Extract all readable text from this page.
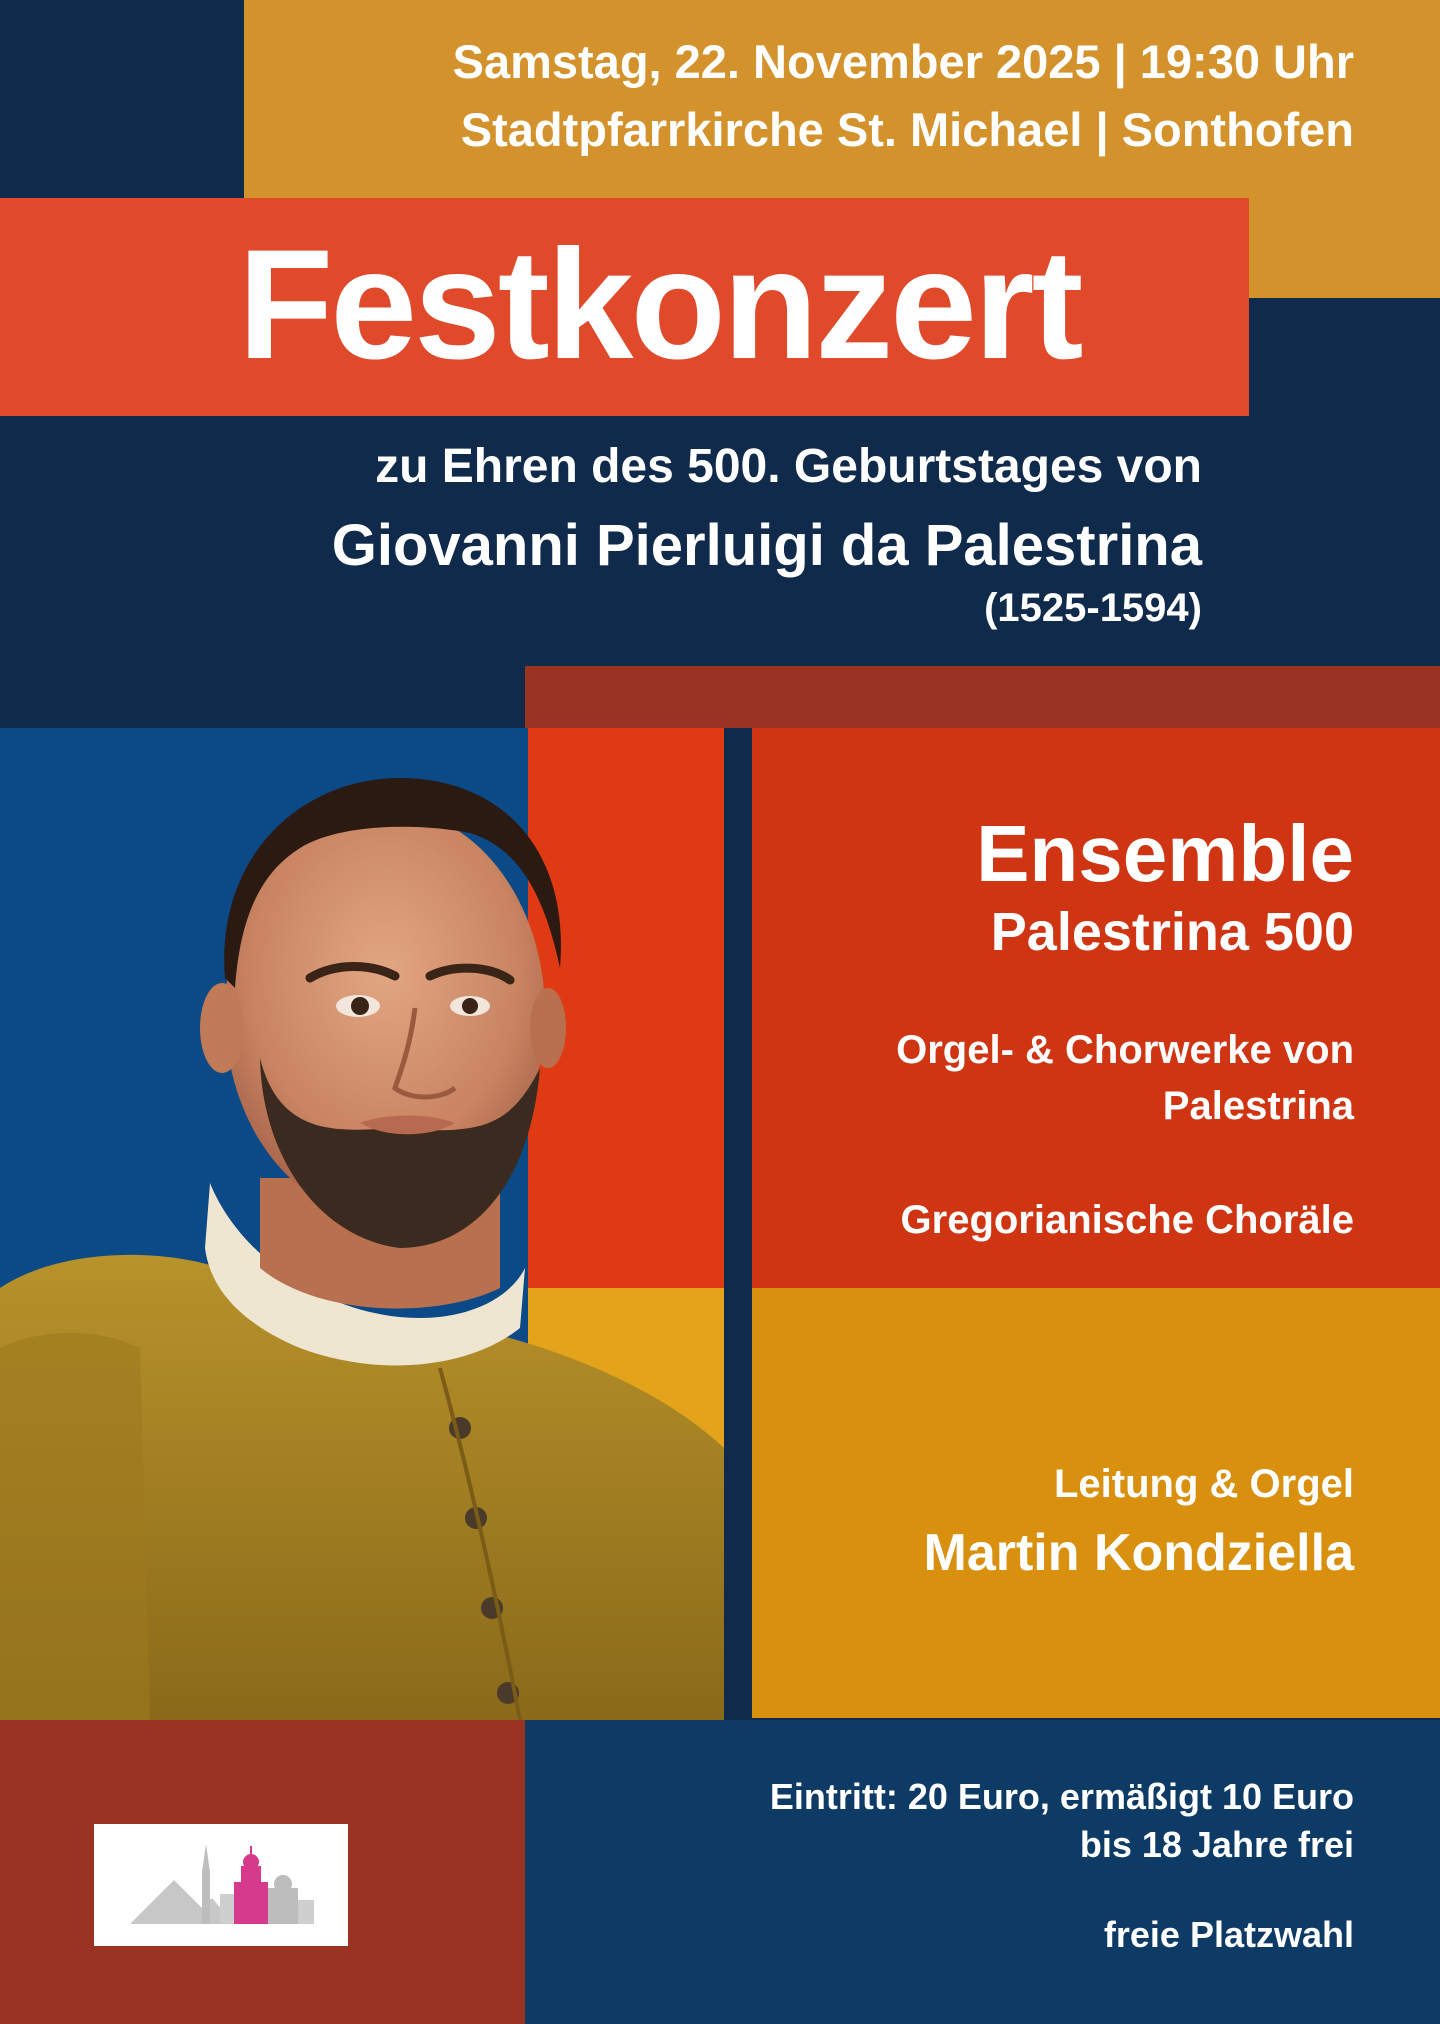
Samstag, 22. November 2025 | 19:30 Uhr
Stadtpfarrkirche St. Michael | Sonthofen
Festkonzert
zu Ehren des 500. Geburtstages von
Giovanni Pierluigi da Palestrina
(1525-1594)
Ensemble
Palestrina 500
Orgel- & Chorwerke von
Palestrina
Gregorianische Choräle
Leitung & Orgel
Martin Kondziella
Eintritt: 20 Euro, ermäßigt 10 Euro
bis 18 Jahre frei
freie Platzwahl
